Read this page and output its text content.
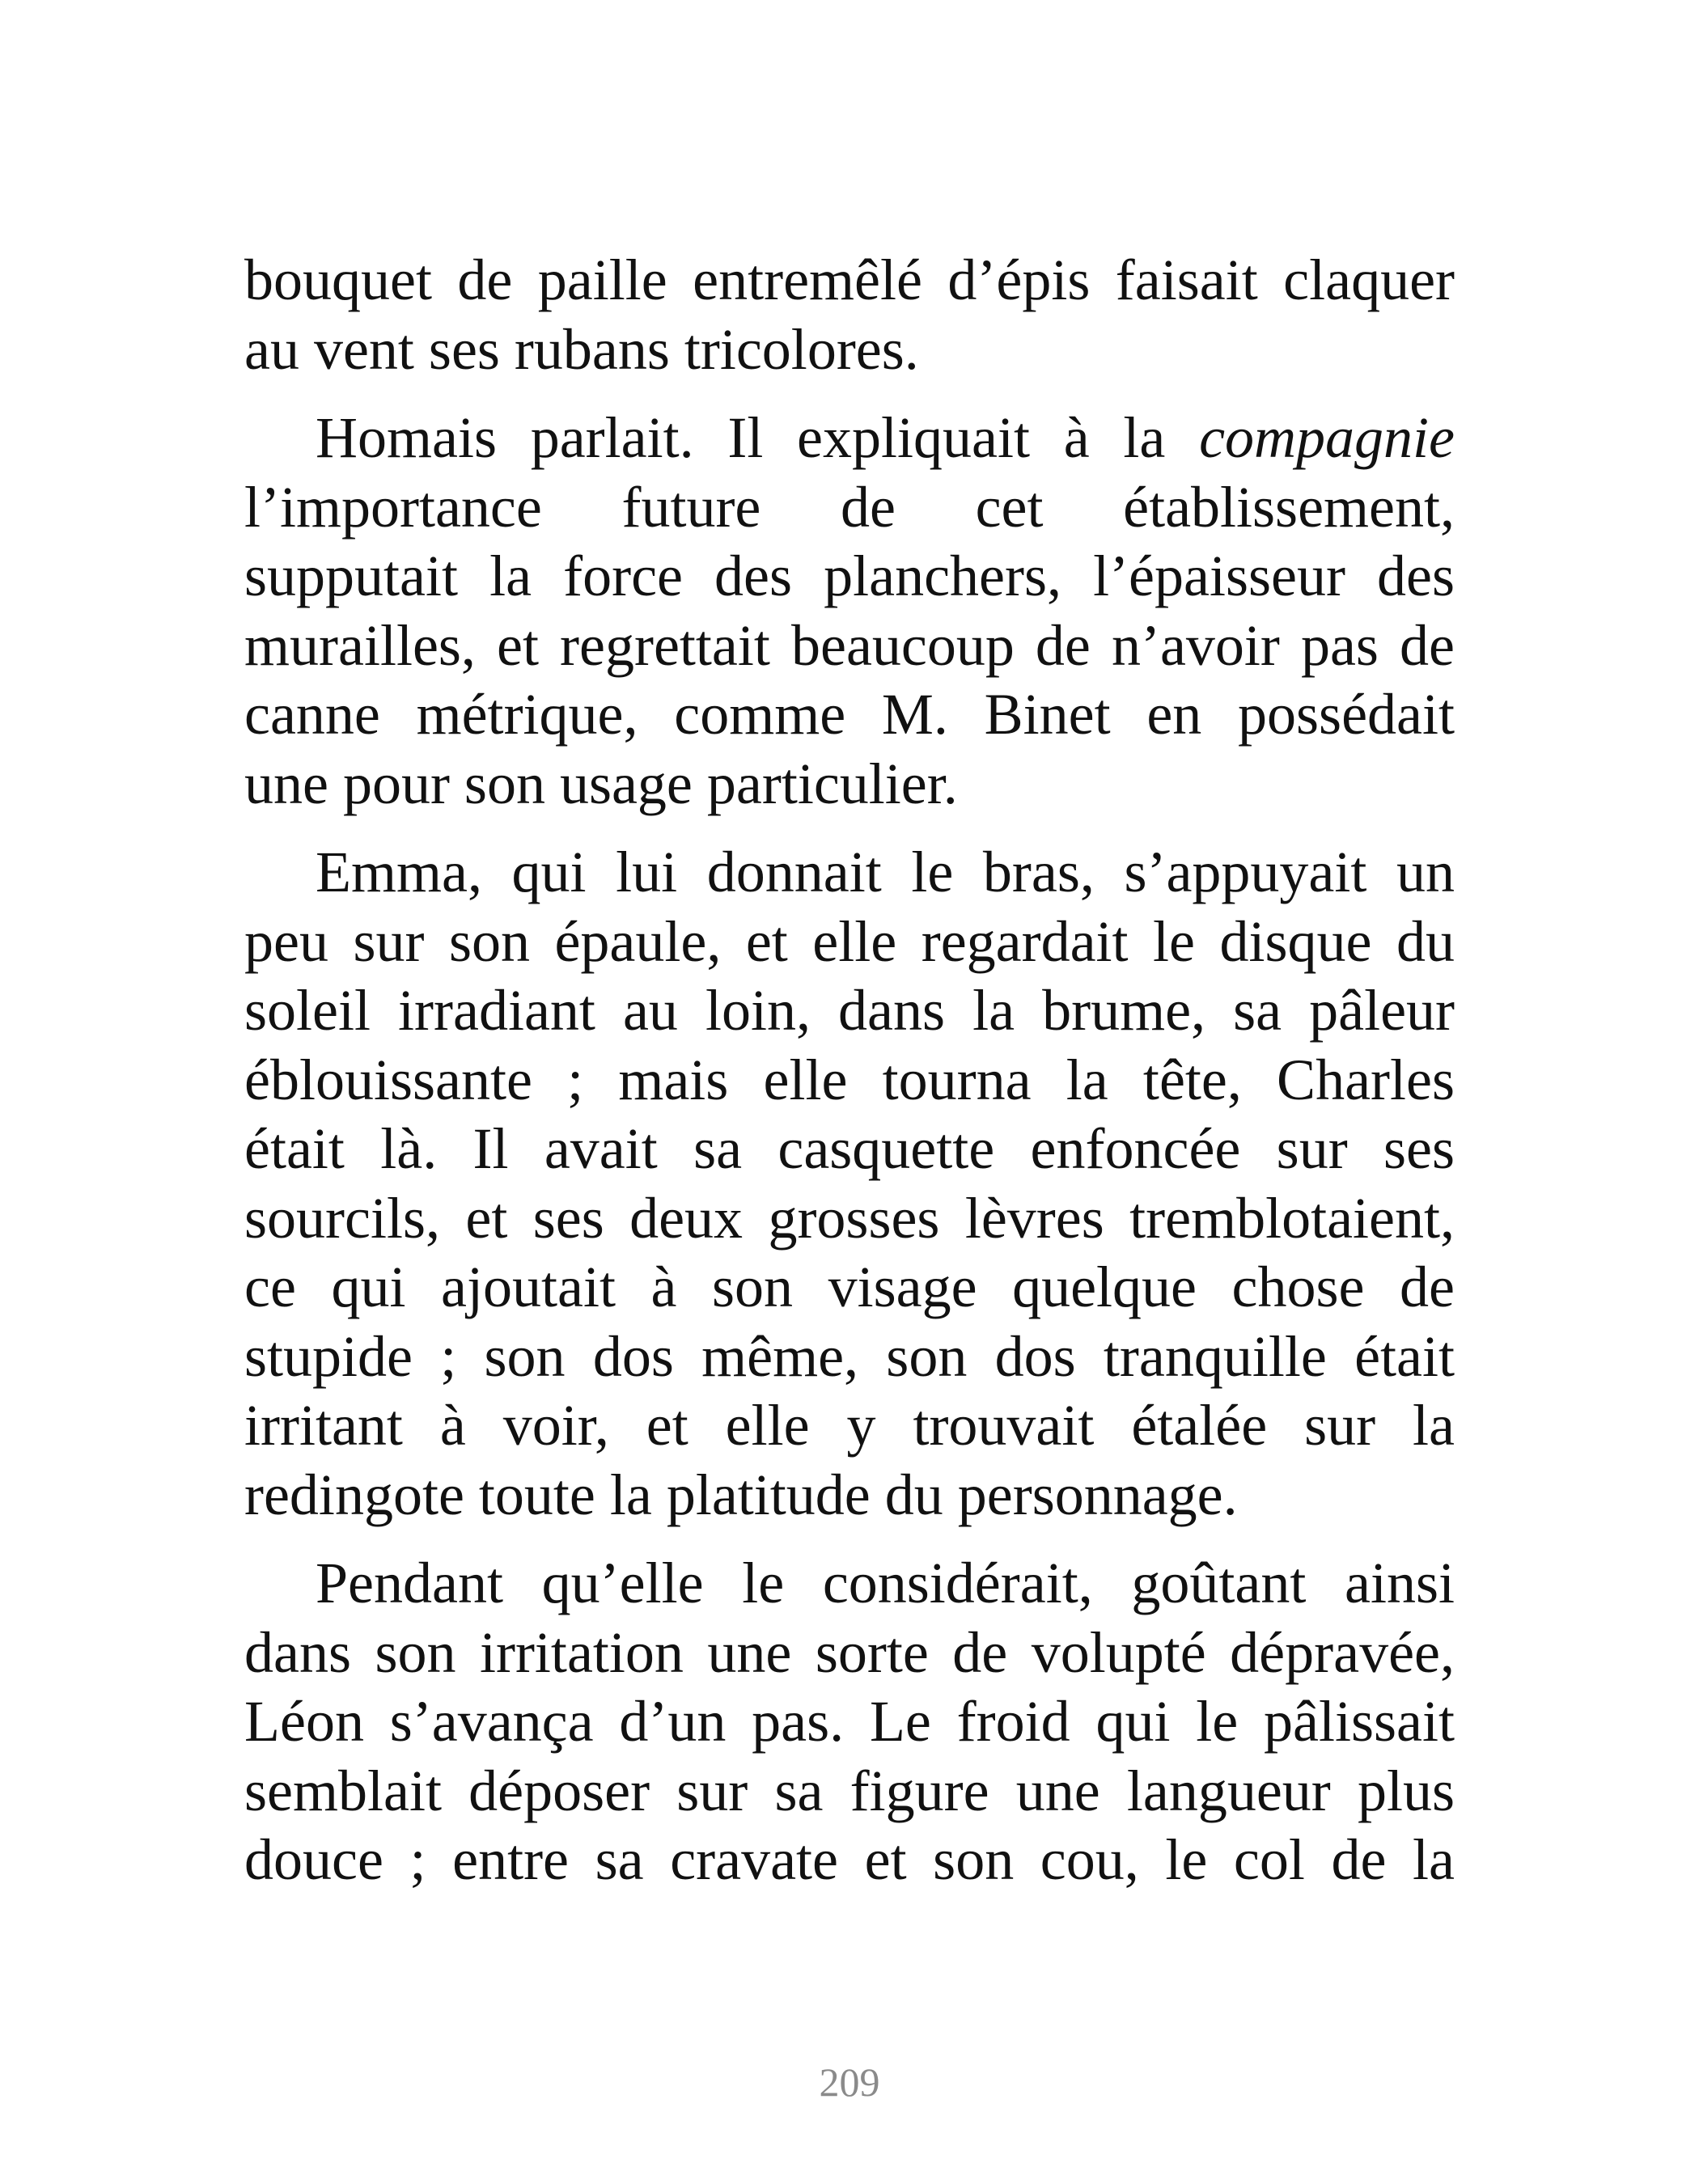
bouquet de paille entremêlé d’épis faisait claquer
au vent ses rubans tricolores.
Homais parlait. Il expliquait à la compagnie
l’importance future de cet établissement,
supputait la force des planchers, l’épaisseur des
murailles, et regrettait beaucoup de n’avoir pas de
canne métrique, comme M. Binet en possédait
une pour son usage particulier.
Emma, qui lui donnait le bras, s’appuyait un
peu sur son épaule, et elle regardait le disque du
soleil irradiant au loin, dans la brume, sa pâleur
éblouissante ; mais elle tourna la tête, Charles
était là. Il avait sa casquette enfoncée sur ses
sourcils, et ses deux grosses lèvres tremblotaient,
ce qui ajoutait à son visage quelque chose de
stupide ; son dos même, son dos tranquille était
irritant à voir, et elle y trouvait étalée sur la
redingote toute la platitude du personnage.
Pendant qu’elle le considérait, goûtant ainsi
dans son irritation une sorte de volupté dépravée,
Léon s’avança d’un pas. Le froid qui le pâlissait
semblait déposer sur sa figure une langueur plus
douce ; entre sa cravate et son cou, le col de la
209
